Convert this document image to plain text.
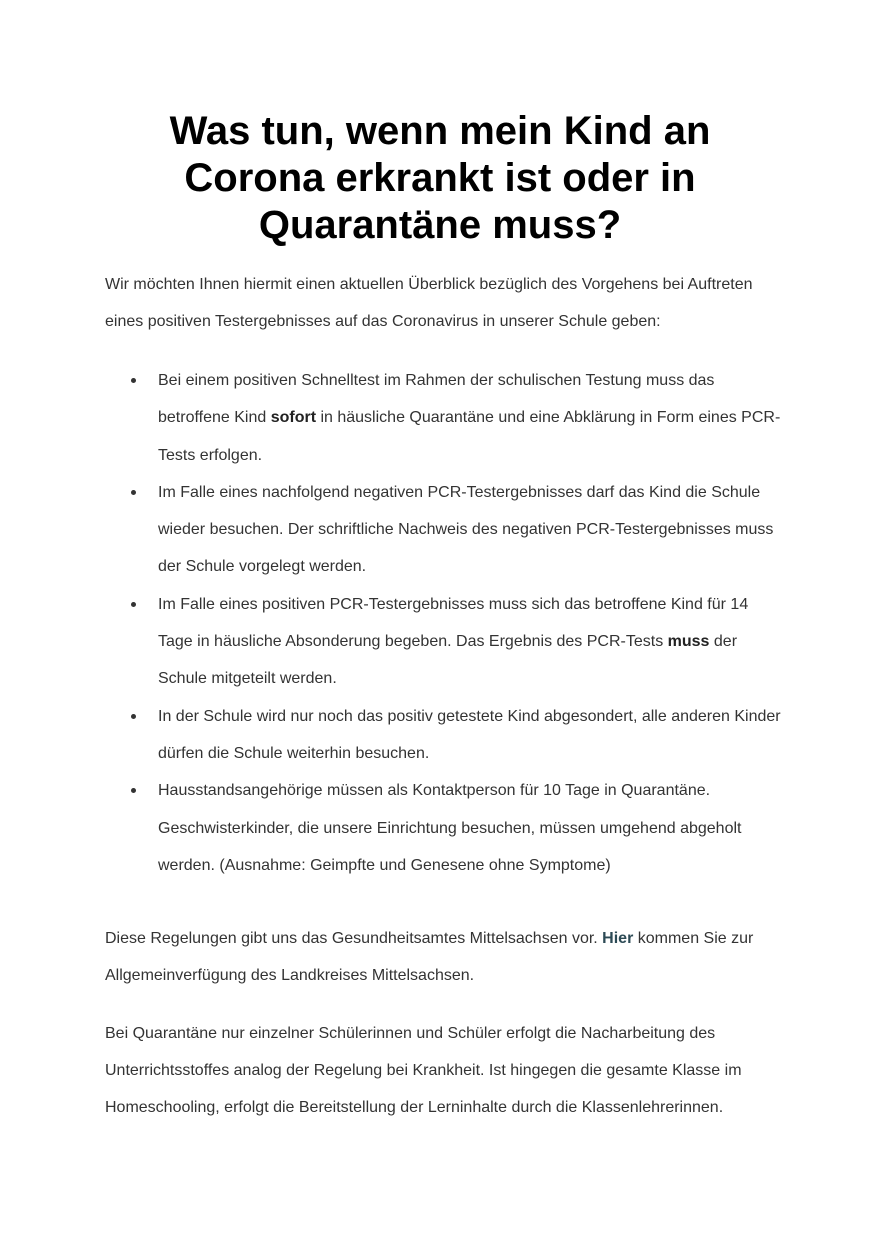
Was tun, wenn mein Kind an Corona erkrankt ist oder in Quarantäne muss?

Wir möchten Ihnen hiermit einen aktuellen Überblick bezüglich des Vorgehens bei Auftreten eines positiven Testergebnisses auf das Coronavirus in unserer Schule geben:

Bei einem positiven Schnelltest im Rahmen der schulischen Testung muss das betroffene Kind sofort in häusliche Quarantäne und eine Abklärung in Form eines PCR-Tests erfolgen.
Im Falle eines nachfolgend negativen PCR-Testergebnisses darf das Kind die Schule wieder besuchen. Der schriftliche Nachweis des negativen PCR-Testergebnisses muss der Schule vorgelegt werden.
Im Falle eines positiven PCR-Testergebnisses muss sich das betroffene Kind für 14 Tage in häusliche Absonderung begeben. Das Ergebnis des PCR-Tests muss der Schule mitgeteilt werden.
In der Schule wird nur noch das positiv getestete Kind abgesondert, alle anderen Kinder dürfen die Schule weiterhin besuchen.
Hausstandsangehörige müssen als Kontaktperson für 10 Tage in Quarantäne. Geschwisterkinder, die unsere Einrichtung besuchen, müssen umgehend abgeholt werden. (Ausnahme: Geimpfte und Genesene ohne Symptome)

Diese Regelungen gibt uns das Gesundheitsamtes Mittelsachsen vor. Hier kommen Sie zur Allgemeinverfügung des Landkreises Mittelsachsen.

Bei Quarantäne nur einzelner Schülerinnen und Schüler erfolgt die Nacharbeitung des Unterrichtsstoffes analog der Regelung bei Krankheit. Ist hingegen die gesamte Klasse im Homeschooling, erfolgt die Bereitstellung der Lerninhalte durch die Klassenlehrerinnen.
